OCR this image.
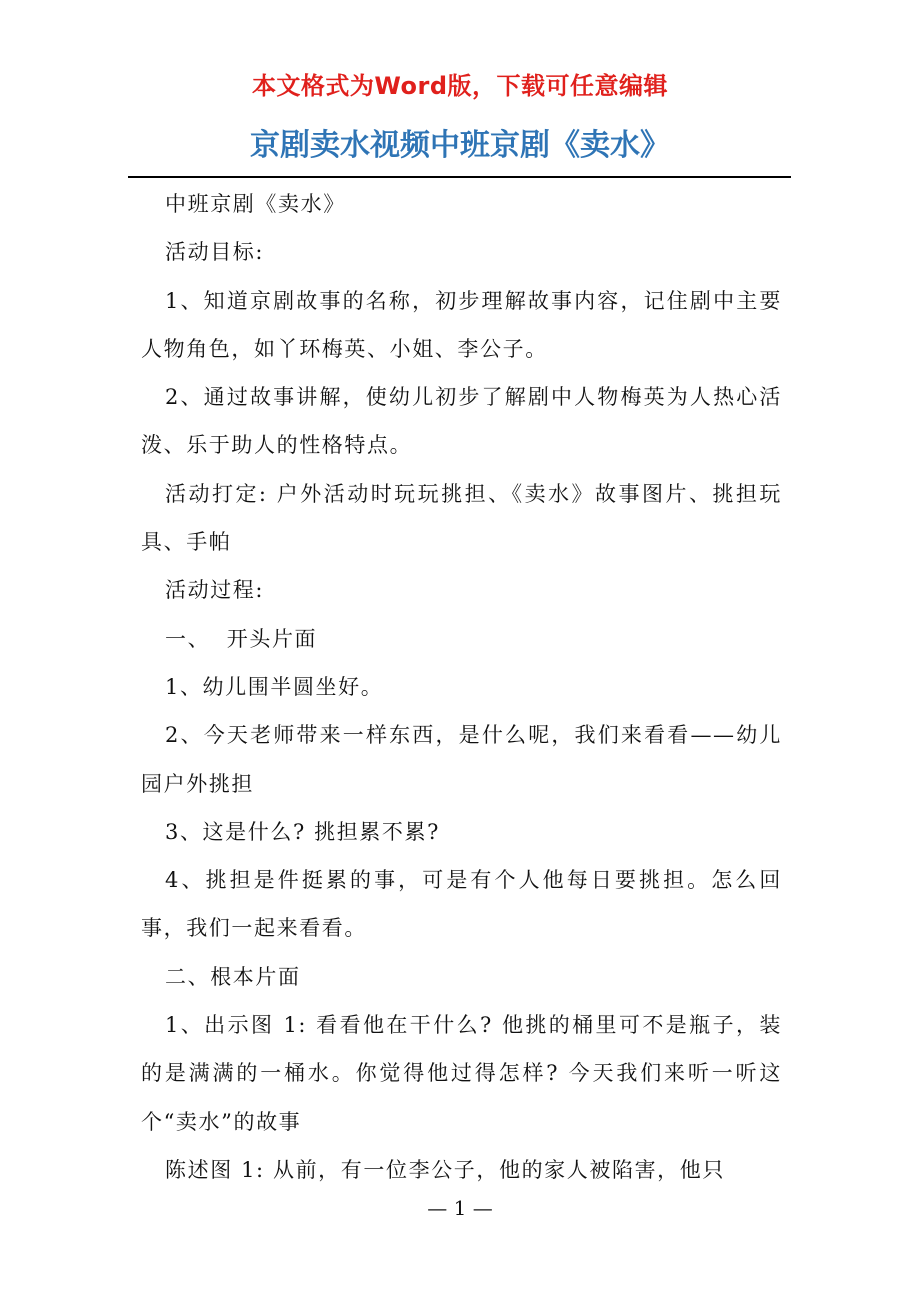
本文格式为Word版，下载可任意编辑
京剧卖水视频中班京剧《卖水》

中班京剧《卖水》

活动目标:

1、知道京剧故事的名称，初步理解故事内容，记住剧中主要人物角色，如丫环梅英、小姐、李公子。

2、通过故事讲解，使幼儿初步了解剧中人物梅英为人热心活泼、乐于助人的性格特点。

活动打定: 户外活动时玩玩挑担、《卖水》故事图片、挑担玩具、手帕

活动过程:

一、  开头片面

1、幼儿围半圆坐好。

2、今天老师带来一样东西，是什么呢，我们来看看——幼儿园户外挑担

3、这是什么? 挑担累不累?

4、挑担是件挺累的事，可是有个人他每日要挑担。怎么回事，我们一起来看看。

二、根本片面

1、出示图 1: 看看他在干什么? 他挑的桶里可不是瓶子，装的是满满的一桶水。你觉得他过得怎样? 今天我们来听一听这个“卖水”的故事

陈述图 1: 从前，有一位李公子，他的家人被陷害，他只

— 1 —
